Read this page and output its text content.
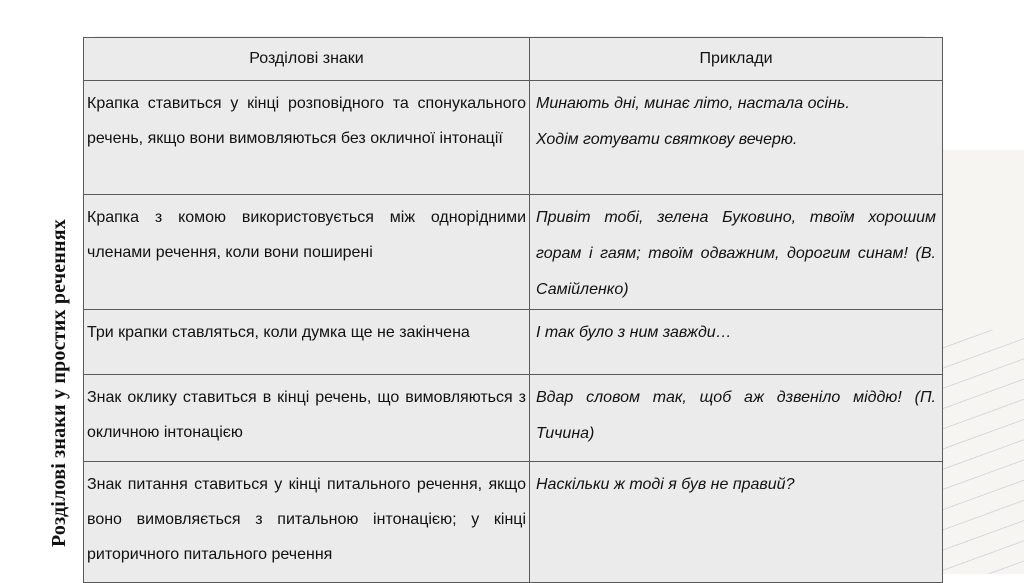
Розділові знаки у простих реченнях
Розділові знаки	Приклади

Крапка ставиться у кінці розповідного та спонукального речень, якщо вони вимовляються без окличної інтонації	Минають дні, минає літо, настала осінь.
Ходім готувати святкову вечерю.

Крапка з комою використовується між однорідними членами речення, коли вони поширені	Привіт тобі, зелена Буковино, твоїм хорошим горам і гаям; твоїм одважним, дорогим синам! (В. Самійленко)

Три крапки ставляться, коли думка ще не закінчена	І так було з ним завжди…

Знак оклику ставиться в кінці речень, що вимовляються з окличною інтонацією	Вдар словом так, щоб аж дзвеніло міддю! (П. Тичина)

Знак питання ставиться у кінці питального речення, якщо воно вимовляється з питальною інтонацією; у кінці риторичного питального речення	Наскільки ж тоді я був не правий?
